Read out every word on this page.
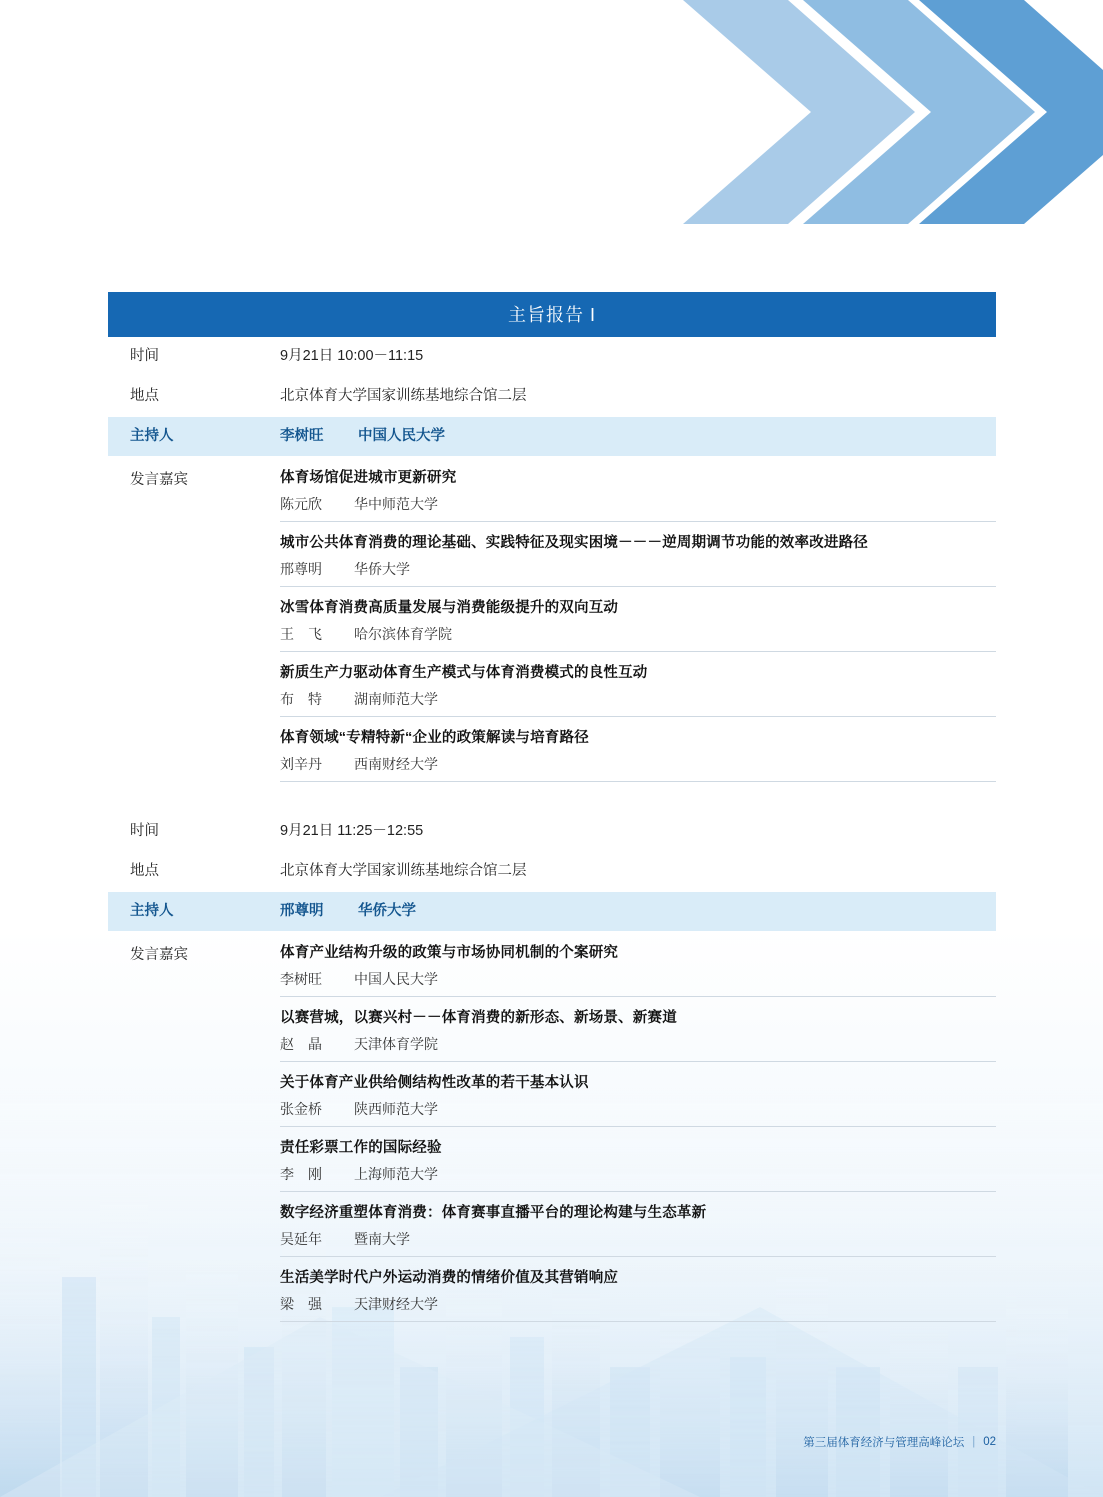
主旨报告 I
时间	9月21日 10:00－11:15
地点	北京体育大学国家训练基地综合馆二层
主持人	李树旺 中国人民大学
发言嘉宾	体育场馆促进城市更新研究
陈元欣 华中师范大学
城市公共体育消费的理论基础、实践特征及现实困境－－－逆周期调节功能的效率改进路径
邢尊明 华侨大学
冰雪体育消费高质量发展与消费能级提升的双向互动
王　飞 哈尔滨体育学院
新质生产力驱动体育生产模式与体育消费模式的良性互动
布　特 湖南师范大学
体育领域“专精特新“企业的政策解读与培育路径
刘辛丹 西南财经大学
时间	9月21日 11:25－12:55
地点	北京体育大学国家训练基地综合馆二层
主持人	邢尊明 华侨大学
发言嘉宾	体育产业结构升级的政策与市场协同机制的个案研究
李树旺 中国人民大学
以赛营城，以赛兴村－－体育消费的新形态、新场景、新赛道
赵　晶 天津体育学院
关于体育产业供给侧结构性改革的若干基本认识
张金桥 陕西师范大学
责任彩票工作的国际经验
李　刚 上海师范大学
数字经济重塑体育消费：体育赛事直播平台的理论构建与生态革新
吴延年 暨南大学
生活美学时代户外运动消费的情绪价值及其营销响应
梁　强 天津财经大学
第三届体育经济与管理高峰论坛 | 02
